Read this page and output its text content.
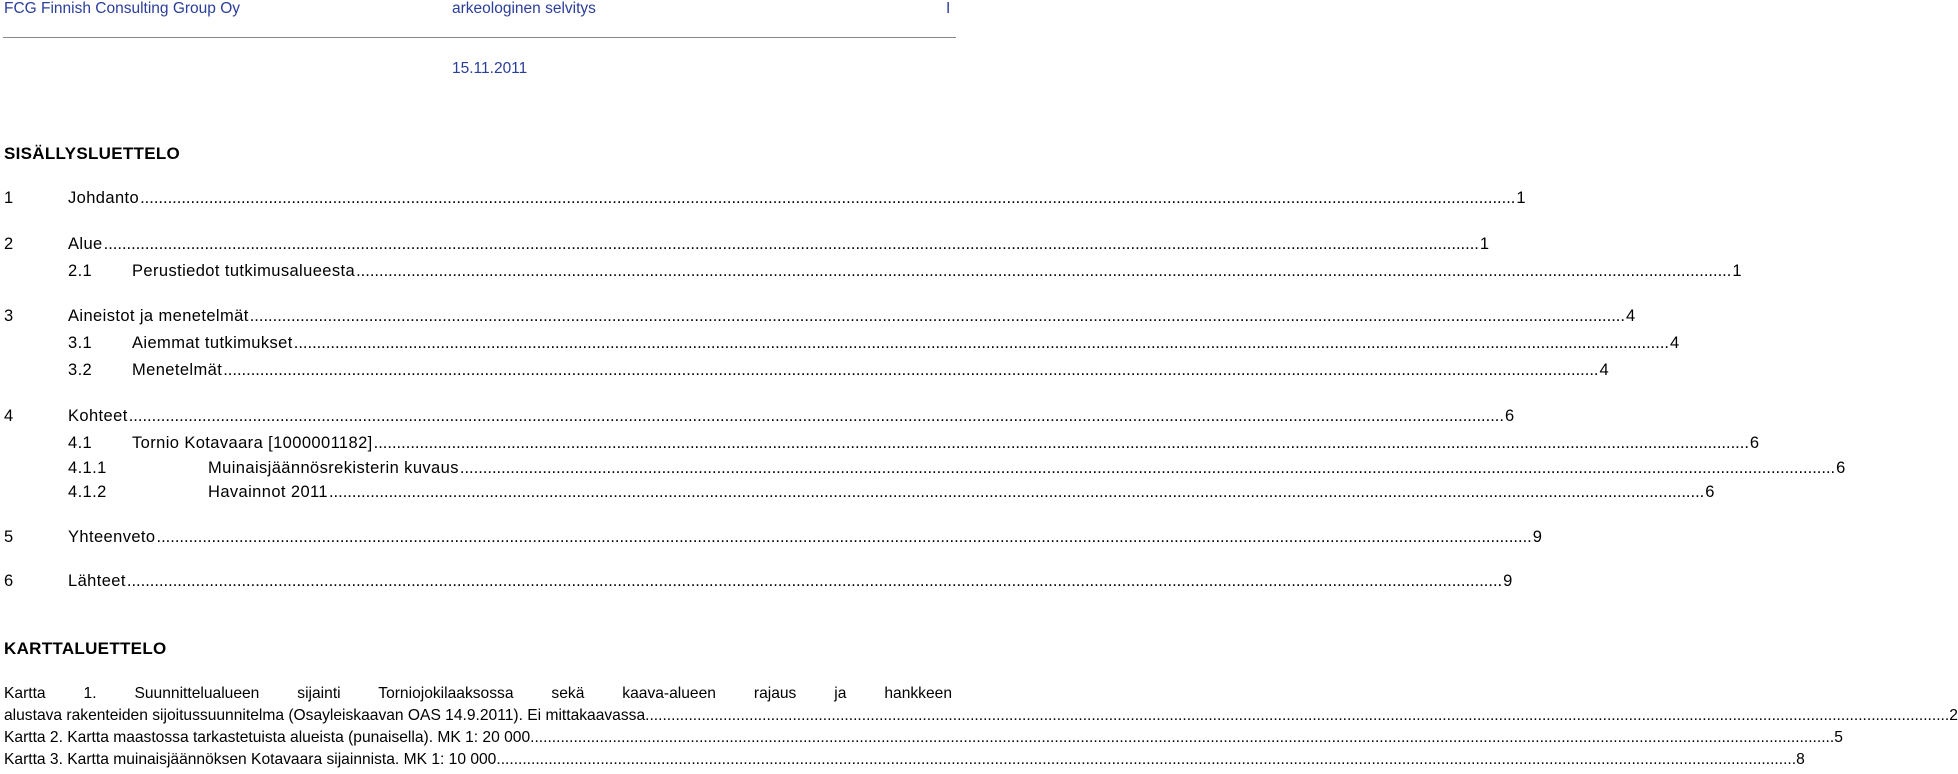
FCG Finnish Consulting Group Oy	arkeologinen selvitys	I
15.11.2011
SISÄLLYSLUETTELO
1	Johdanto ............................................................................................................................................................................................................................................................................................................ 1
2	Alue ............................................................................................................................................................................................................................................................................................................ 1
2.1	Perustiedot tutkimusalueesta ............................................................................................................................................................................................................................................................................................................ 1
3	Aineistot ja menetelmät ............................................................................................................................................................................................................................................................................................................ 4
3.1	Aiemmat tutkimukset ............................................................................................................................................................................................................................................................................................................ 4
3.2	Menetelmät ............................................................................................................................................................................................................................................................................................................ 4
4	Kohteet ............................................................................................................................................................................................................................................................................................................ 6
4.1	Tornio Kotavaara [1000001182] ............................................................................................................................................................................................................................................................................................................ 6
4.1.1	Muinaisjäännösrekisterin kuvaus ............................................................................................................................................................................................................................................................................................................ 6
4.1.2	Havainnot 2011 ............................................................................................................................................................................................................................................................................................................ 6
5	Yhteenveto ............................................................................................................................................................................................................................................................................................................ 9
6	Lähteet ............................................................................................................................................................................................................................................................................................................ 9
KARTTALUETTELO
Kartta 1. Suunnittelualueen sijainti Torniojokilaaksossa sekä kaava-alueen rajaus ja hankkeen
alustava rakenteiden sijoitussuunnitelma (Osayleiskaavan OAS 14.9.2011). Ei mittakaavassa. ............................................................................................................................................................................................................................................................................................................ 2
Kartta 2. Kartta maastossa tarkastetuista alueista (punaisella). MK 1: 20 000. ............................................................................................................................................................................................................................................................................................................ 5
Kartta 3. Kartta muinaisjäännöksen Kotavaara sijainnista. MK 1: 10 000 ............................................................................................................................................................................................................................................................................................................ 8
